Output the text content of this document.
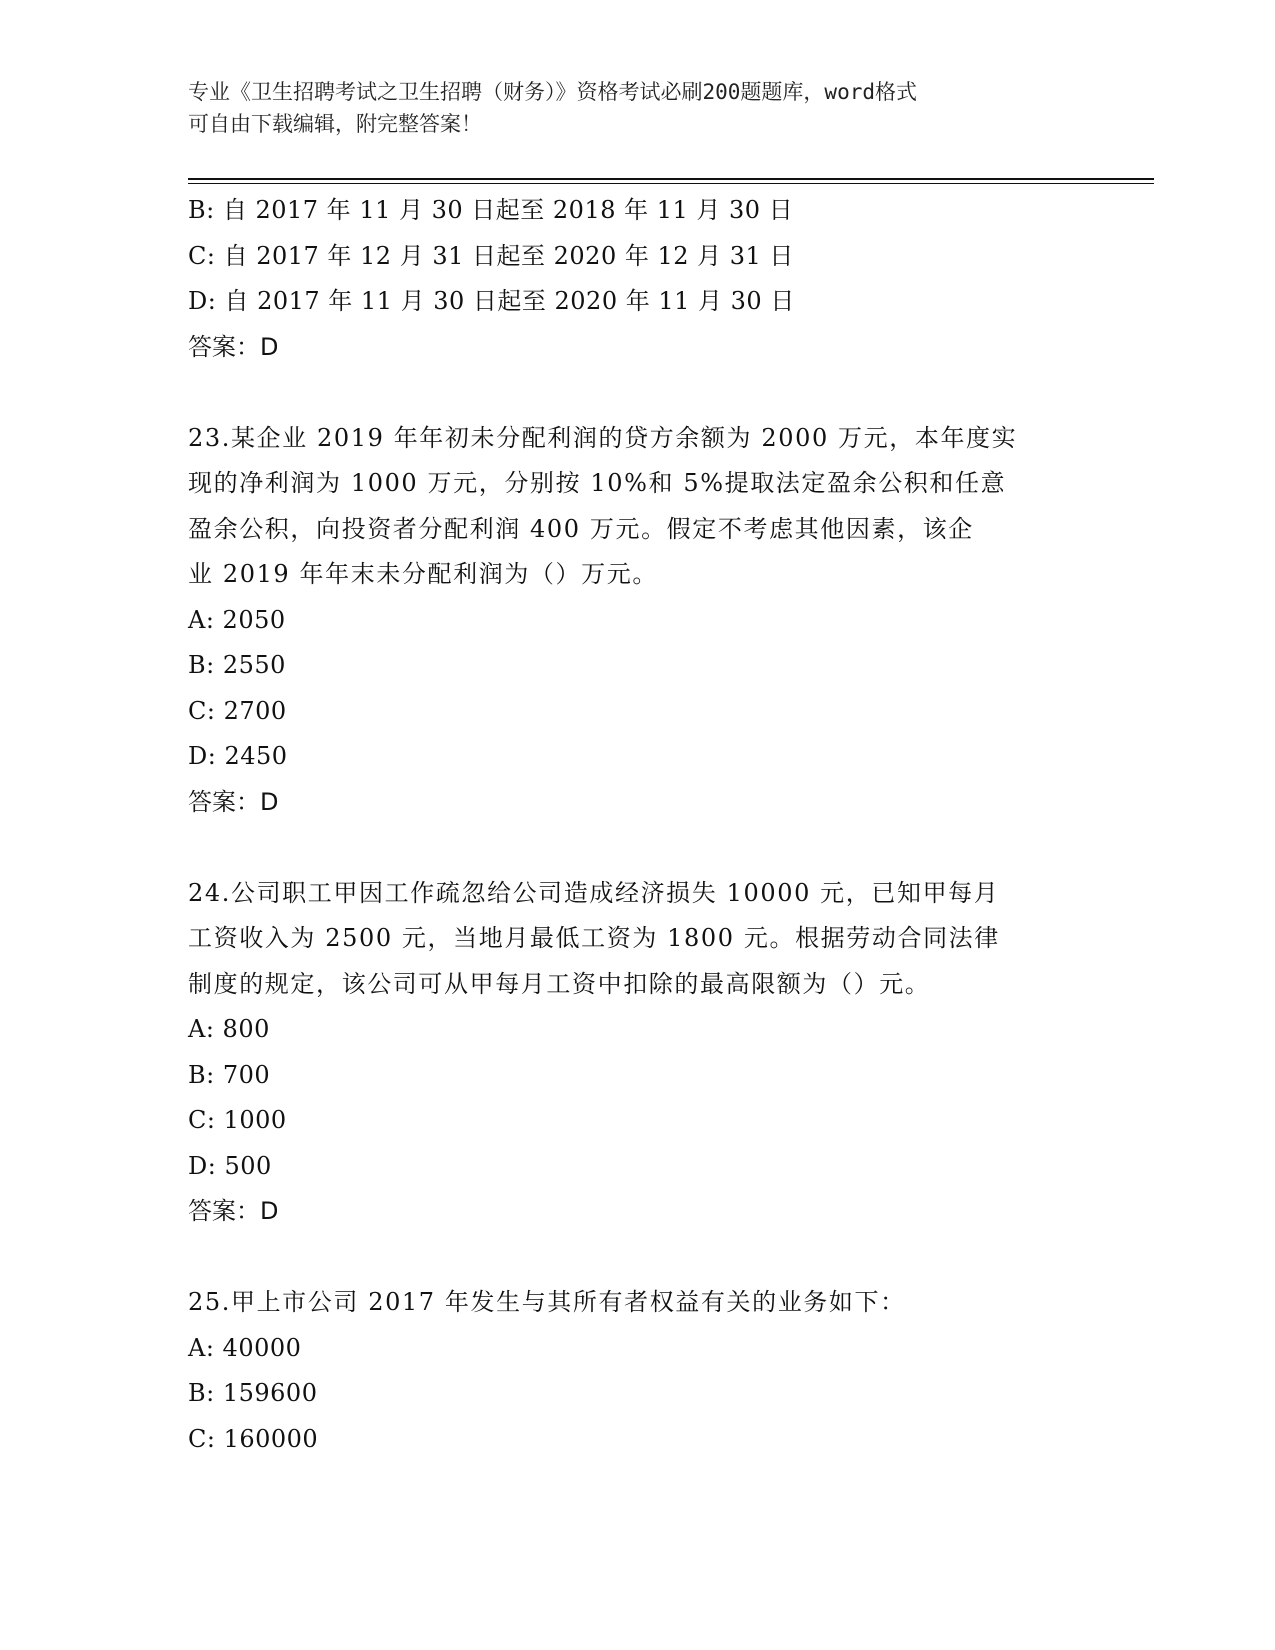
专业《卫生招聘考试之卫生招聘（财务）》资格考试必刷200题题库，word格式
可自由下载编辑，附完整答案！
B: 自 2017 年 11 月 30 日起至 2018 年 11 月 30 日
C: 自 2017 年 12 月 31 日起至 2020 年 12 月 31 日
D: 自 2017 年 11 月 30 日起至 2020 年 11 月 30 日
答案：D
23.某企业 2019 年年初未分配利润的贷方余额为 2000 万元，本年度实
现的净利润为 1000 万元，分别按 10%和 5%提取法定盈余公积和任意
盈余公积，向投资者分配利润 400 万元。假定不考虑其他因素，该企
业 2019 年年末未分配利润为（）万元。
A: 2050
B: 2550
C: 2700
D: 2450
答案：D
24.公司职工甲因工作疏忽给公司造成经济损失 10000 元，已知甲每月
工资收入为 2500 元，当地月最低工资为 1800 元。根据劳动合同法律
制度的规定，该公司可从甲每月工资中扣除的最高限额为（）元。
A: 800
B: 700
C: 1000
D: 500
答案：D
25.甲上市公司 2017 年发生与其所有者权益有关的业务如下：
A: 40000
B: 159600
C: 160000
